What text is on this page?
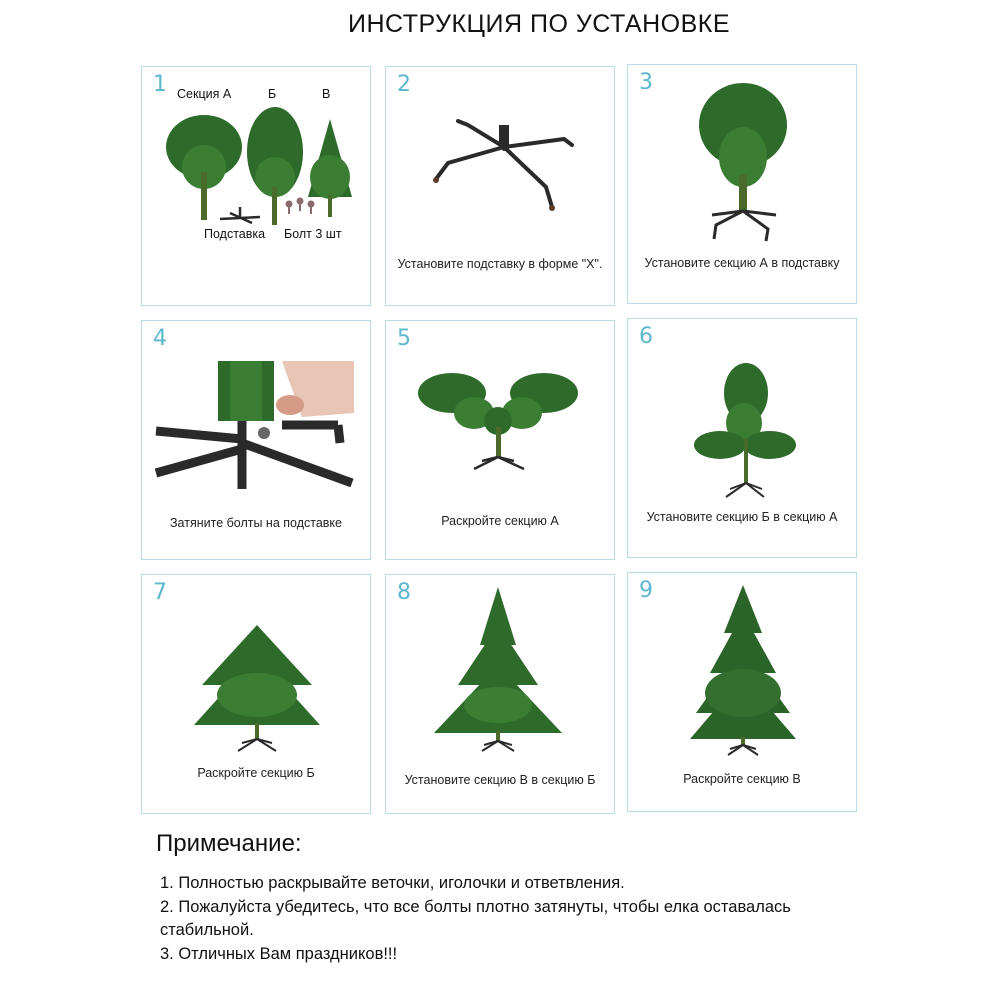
ИНСТРУКЦИЯ ПО УСТАНОВКЕ
1 Секция А	Б	В
Подставка Болт 3 шт
2
Установите подставку в форме "X".
3
Установите секцию А в подставку
4
Затяните болты на подставке
5
Раскройте секцию А
6
Установите секцию Б в секцию А
7
Раскройте секцию Б
8
Установите секцию В в секцию Б
9
Раскройте секцию В
Примечание:

1. Полностью раскрывайте веточки, иголочки и ответвления.

2. Пожалуйста убедитесь, что все болты плотно затянуты, чтобы елка оставалась стабильной.

3. Отличных Вам праздников!!!
